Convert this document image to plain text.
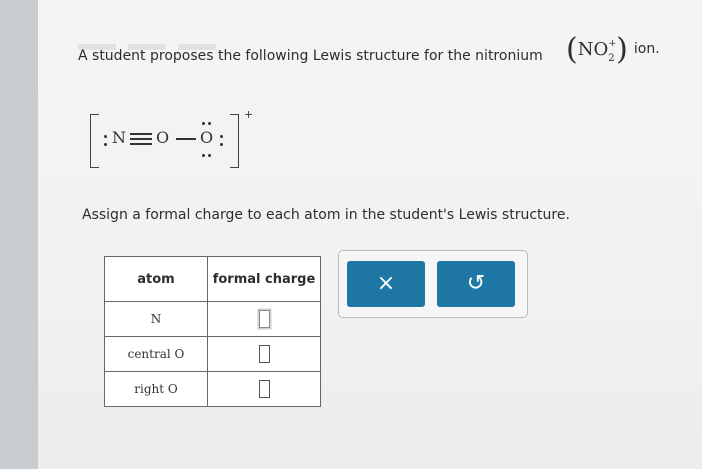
A student proposes the following Lewis structure for the nitronium $(NO_2^+)$ ion.
N O O
+
Assign a formal charge to each atom in the student's Lewis structure.
atom	formal charge
N	
central O	
right O	
×	↺
